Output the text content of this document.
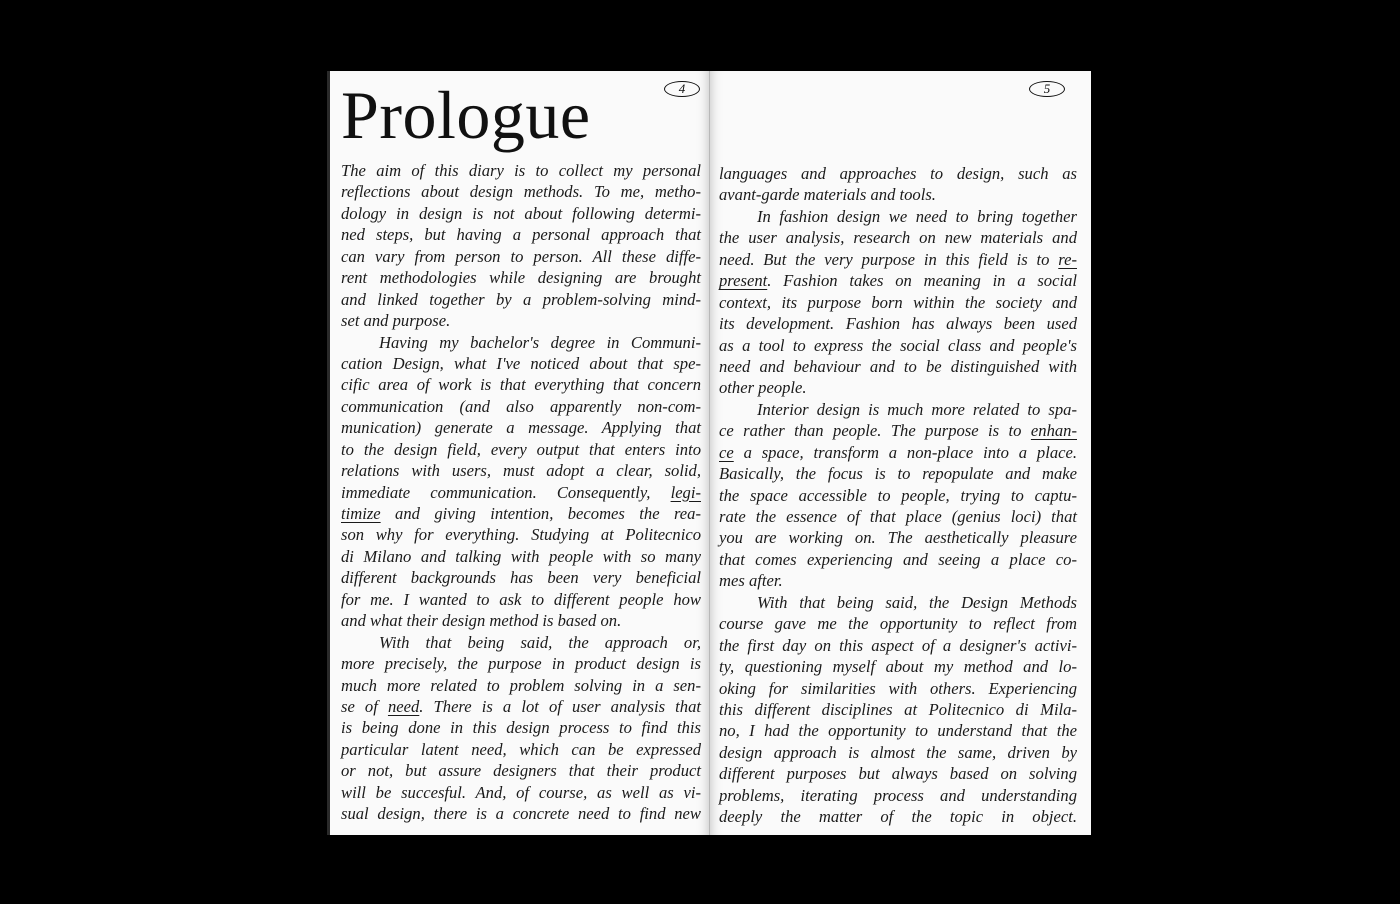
4
Prologue
The aim of this diary is to collect my personal
reflections about design methods. To me, metho-
dology in design is not about following determi-
ned steps, but having a personal approach that
can vary from person to person. All these diffe-
rent methodologies while designing are brought
and linked together by a problem-solving mind-
set and purpose.
Having my bachelor's degree in Communi-
cation Design, what I've noticed about that spe-
cific area of work is that everything that concern
communication (and also apparently non-com-
munication) generate a message. Applying that
to the design field, every output that enters into
relations with users, must adopt a clear, solid,
immediate communication. Consequently, legi-
timize and giving intention, becomes the rea-
son why for everything. Studying at Politecnico
di Milano and talking with people with so many
different backgrounds has been very beneficial
for me. I wanted to ask to different people how
and what their design method is based on.
With that being said, the approach or,
more precisely, the purpose in product design is
much more related to problem solving in a sen-
se of need. There is a lot of user analysis that
is being done in this design process to find this
particular latent need, which can be expressed
or not, but assure designers that their product
will be succesful. And, of course, as well as vi-
sual design, there is a concrete need to find new
5
languages and approaches to design, such as
avant-garde materials and tools.
In fashion design we need to bring together
the user analysis, research on new materials and
need. But the very purpose in this field is to re-
present. Fashion takes on meaning in a social
context, its purpose born within the society and
its development. Fashion has always been used
as a tool to express the social class and people's
need and behaviour and to be distinguished with
other people.
Interior design is much more related to spa-
ce rather than people. The purpose is to enhan-
ce a space, transform a non-place into a place.
Basically, the focus is to repopulate and make
the space accessible to people, trying to captu-
rate the essence of that place (genius loci) that
you are working on. The aesthetically pleasure
that comes experiencing and seeing a place co-
mes after.
With that being said, the Design Methods
course gave me the opportunity to reflect from
the first day on this aspect of a designer's activi-
ty, questioning myself about my method and lo-
oking for similarities with others. Experiencing
this different disciplines at Politecnico di Mila-
no, I had the opportunity to understand that the
design approach is almost the same, driven by
different purposes but always based on solving
problems, iterating process and understanding
deeply the matter of the topic in object.
